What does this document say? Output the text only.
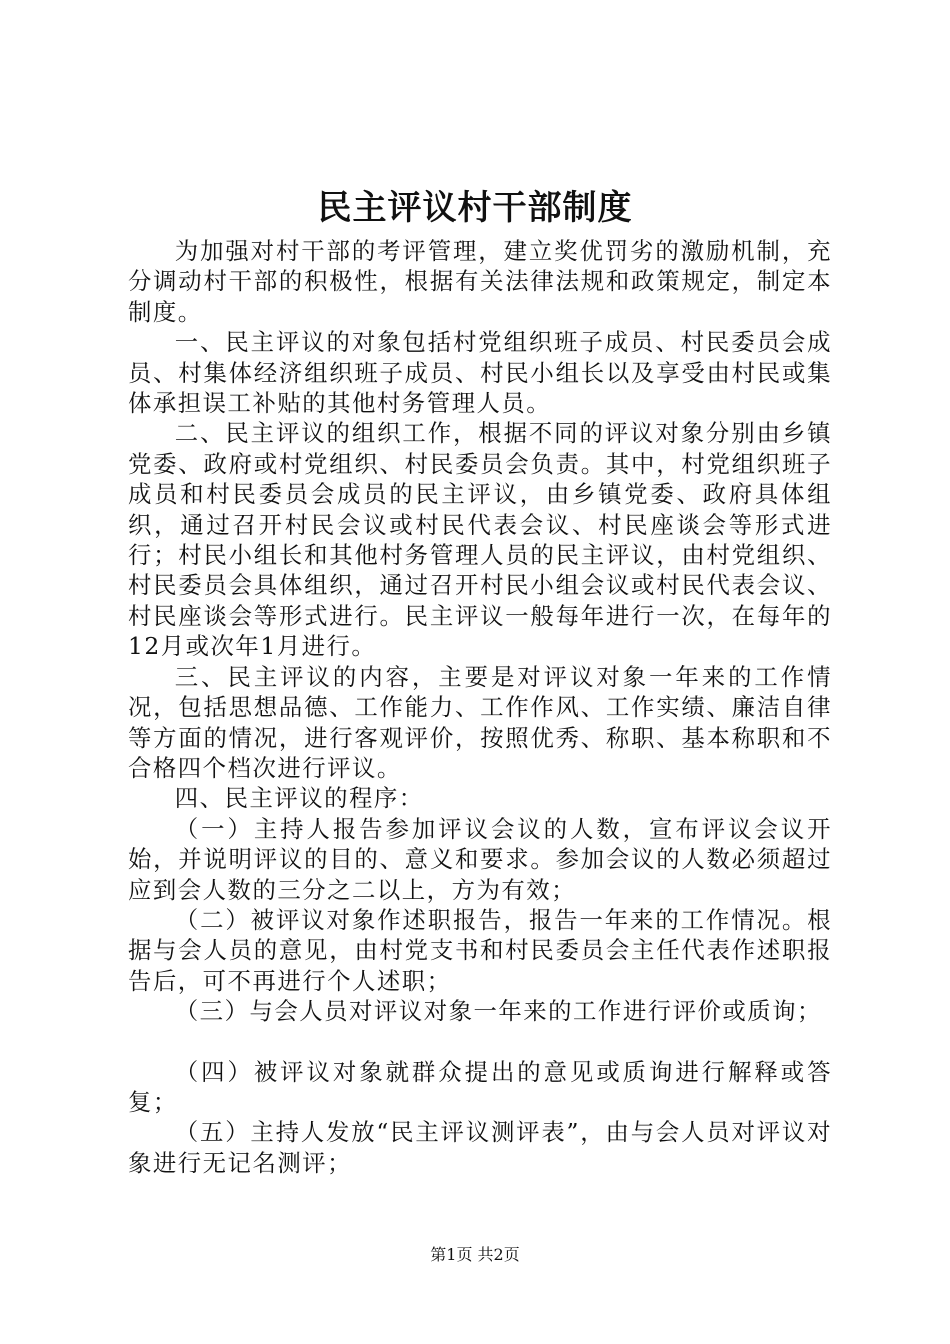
民主评议村干部制度

为加强对村干部的考评管理，建立奖优罚劣的激励机制，充分调动村干部的积极性，根据有关法律法规和政策规定，制定本制度。

一、民主评议的对象包括村党组织班子成员、村民委员会成员、村集体经济组织班子成员、村民小组长以及享受由村民或集体承担误工补贴的其他村务管理人员。

二、民主评议的组织工作，根据不同的评议对象分别由乡镇党委、政府或村党组织、村民委员会负责。其中，村党组织班子成员和村民委员会成员的民主评议，由乡镇党委、政府具体组织，通过召开村民会议或村民代表会议、村民座谈会等形式进行；村民小组长和其他村务管理人员的民主评议，由村党组织、村民委员会具体组织，通过召开村民小组会议或村民代表会议、村民座谈会等形式进行。民主评议一般每年进行一次，在每年的12月或次年1月进行。

三、民主评议的内容，主要是对评议对象一年来的工作情况，包括思想品德、工作能力、工作作风、工作实绩、廉洁自律等方面的情况，进行客观评价，按照优秀、称职、基本称职和不合格四个档次进行评议。

四、民主评议的程序：

（一）主持人报告参加评议会议的人数，宣布评议会议开始，并说明评议的目的、意义和要求。参加会议的人数必须超过应到会人数的三分之二以上，方为有效；

（二）被评议对象作述职报告，报告一年来的工作情况。根据与会人员的意见，由村党支书和村民委员会主任代表作述职报告后，可不再进行个人述职；

（三）与会人员对评议对象一年来的工作进行评价或质询；

（四）被评议对象就群众提出的意见或质询进行解释或答复；

（五）主持人发放“民主评议测评表”，由与会人员对评议对象进行无记名测评；

第1页 共2页
